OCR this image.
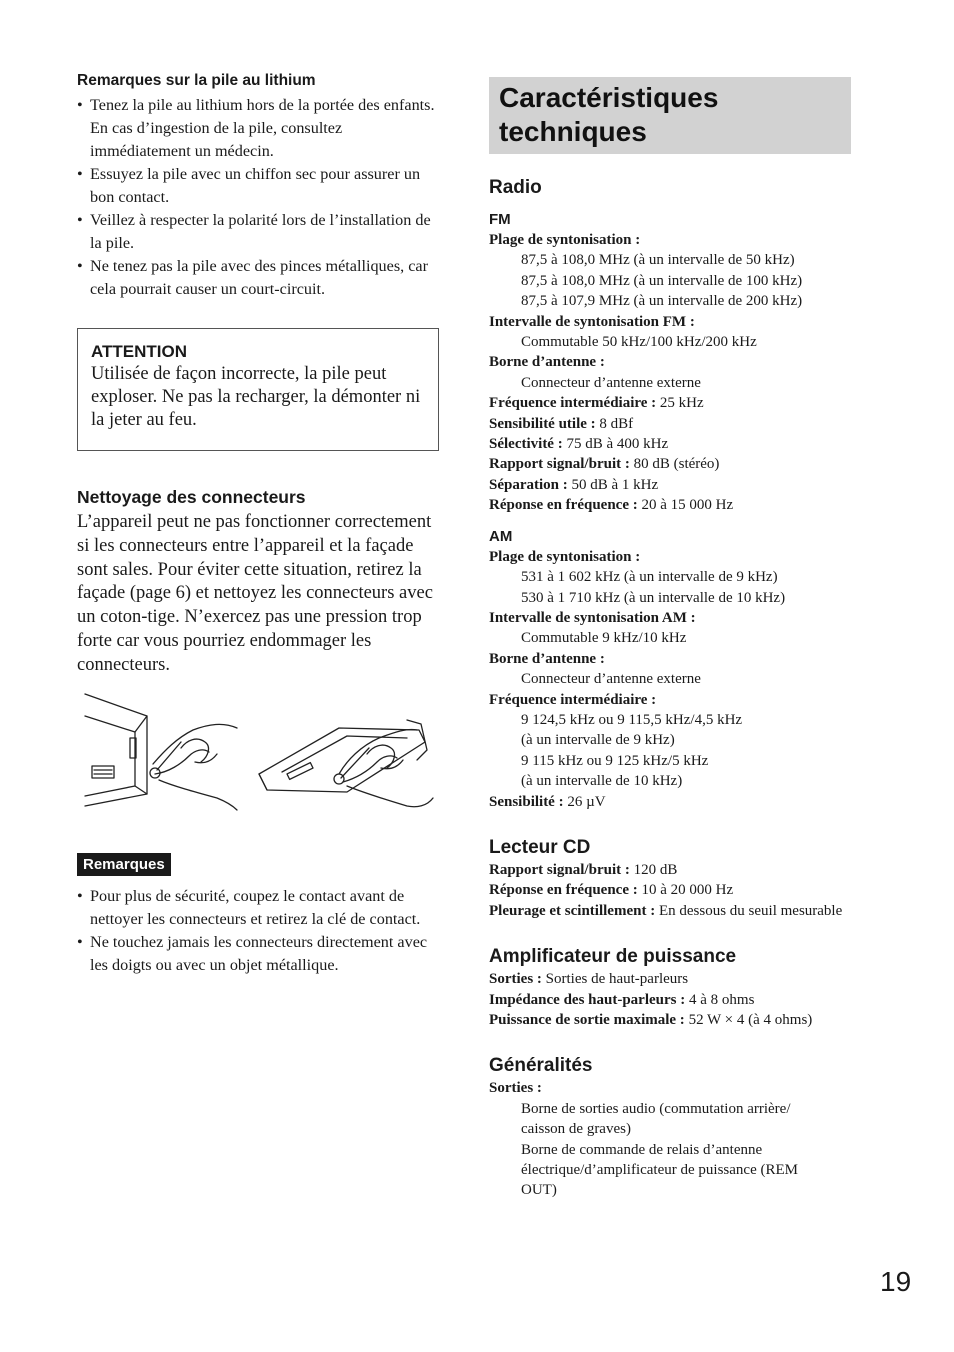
Remarques sur la pile au lithium
• Tenez la pile au lithium hors de la portée des enfants. En cas d’ingestion de la pile, consultez immédiatement un médecin.
• Essuyez la pile avec un chiffon sec pour assurer un bon contact.
• Veillez à respecter la polarité lors de l’installation de la pile.
• Ne tenez pas la pile avec des pinces métalliques, car cela pourrait causer un court-circuit.
ATTENTION
Utilisée de façon incorrecte, la pile peut exploser. Ne pas la recharger, la démonter ni la jeter au feu.
Nettoyage des connecteurs

L’appareil peut ne pas fonctionner correctement si les connecteurs entre l’appareil et la façade sont sales. Pour éviter cette situation, retirez la façade (page 6) et nettoyez les connecteurs avec un coton-tige. N’exercez pas une pression trop forte car vous pourriez endommager les connecteurs.

Remarques
• Pour plus de sécurité, coupez le contact avant de nettoyer les connecteurs et retirez la clé de contact.
• Ne touchez jamais les connecteurs directement avec les doigts ou avec un objet métallique.
Caractéristiques techniques
Radio
FM
Plage de syntonisation :
87,5 à 108,0 MHz (à un intervalle de 50 kHz)
87,5 à 108,0 MHz (à un intervalle de 100 kHz)
87,5 à 107,9 MHz (à un intervalle de 200 kHz)
Intervalle de syntonisation FM :
Commutable 50 kHz/100 kHz/200 kHz
Borne d’antenne :
Connecteur d’antenne externe
Fréquence intermédiaire : 25 kHz
Sensibilité utile : 8 dBf
Sélectivité : 75 dB à 400 kHz
Rapport signal/bruit : 80 dB (stéréo)
Séparation : 50 dB à 1 kHz
Réponse en fréquence : 20 à 15 000 Hz
AM
Plage de syntonisation :
531 à 1 602 kHz (à un intervalle de 9 kHz)
530 à 1 710 kHz (à un intervalle de 10 kHz)
Intervalle de syntonisation AM :
Commutable 9 kHz/10 kHz
Borne d’antenne :
Connecteur d’antenne externe
Fréquence intermédiaire :
9 124,5 kHz ou 9 115,5 kHz/4,5 kHz
(à un intervalle de 9 kHz)
9 115 kHz ou 9 125 kHz/5 kHz
(à un intervalle de 10 kHz)
Sensibilité : 26 µV
Lecteur CD
Rapport signal/bruit : 120 dB
Réponse en fréquence : 10 à 20 000 Hz
Pleurage et scintillement : En dessous du seuil mesurable
Amplificateur de puissance
Sorties : Sorties de haut-parleurs
Impédance des haut-parleurs : 4 à 8 ohms
Puissance de sortie maximale : 52 W × 4 (à 4 ohms)
Généralités
Sorties :
Borne de sorties audio (commutation arrière/ caisson de graves)
Borne de commande de relais d’antenne électrique/d’amplificateur de puissance (REM OUT)
19
